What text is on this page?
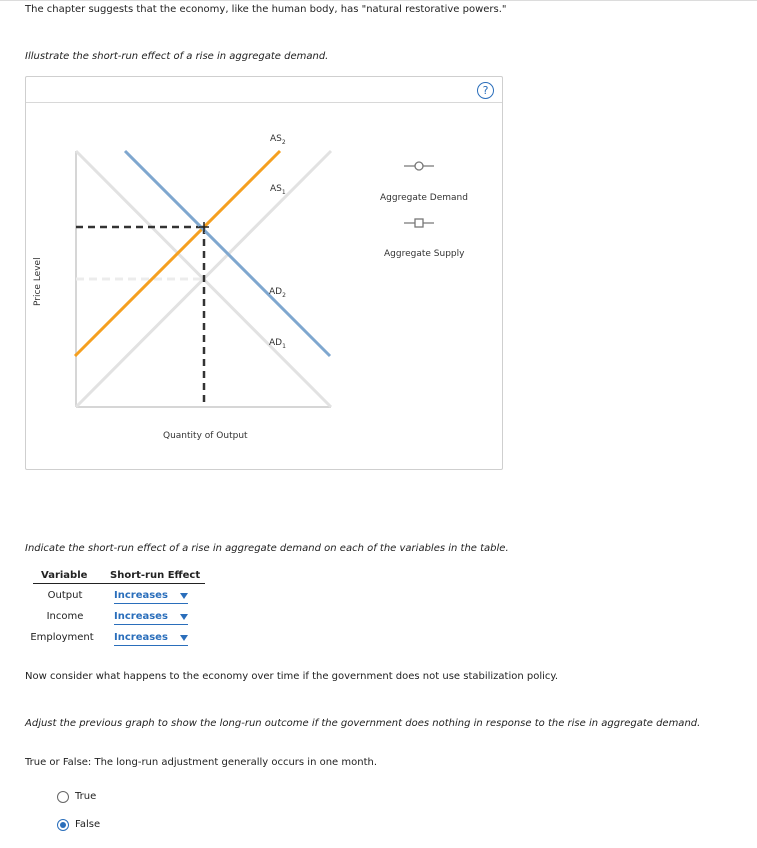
The chapter suggests that the economy, like the human body, has "natural restorative powers."
Illustrate the short-run effect of a rise in aggregate demand.
?
$AS_2$
$AS_1$
$AD_2$
$AD_1$
Quantity of Output
Price Level
Aggregate Demand
Aggregate Supply
Indicate the short-run effect of a rise in aggregate demand on each of the variables in the table.
Variable Short-run Effect
Output	Increases
Income	Increases
Employment Increases
Now consider what happens to the economy over time if the government does not use stabilization policy.
Adjust the previous graph to show the long-run outcome if the government does nothing in response to the rise in aggregate demand.
True or False: The long-run adjustment generally occurs in one month.
True
False
